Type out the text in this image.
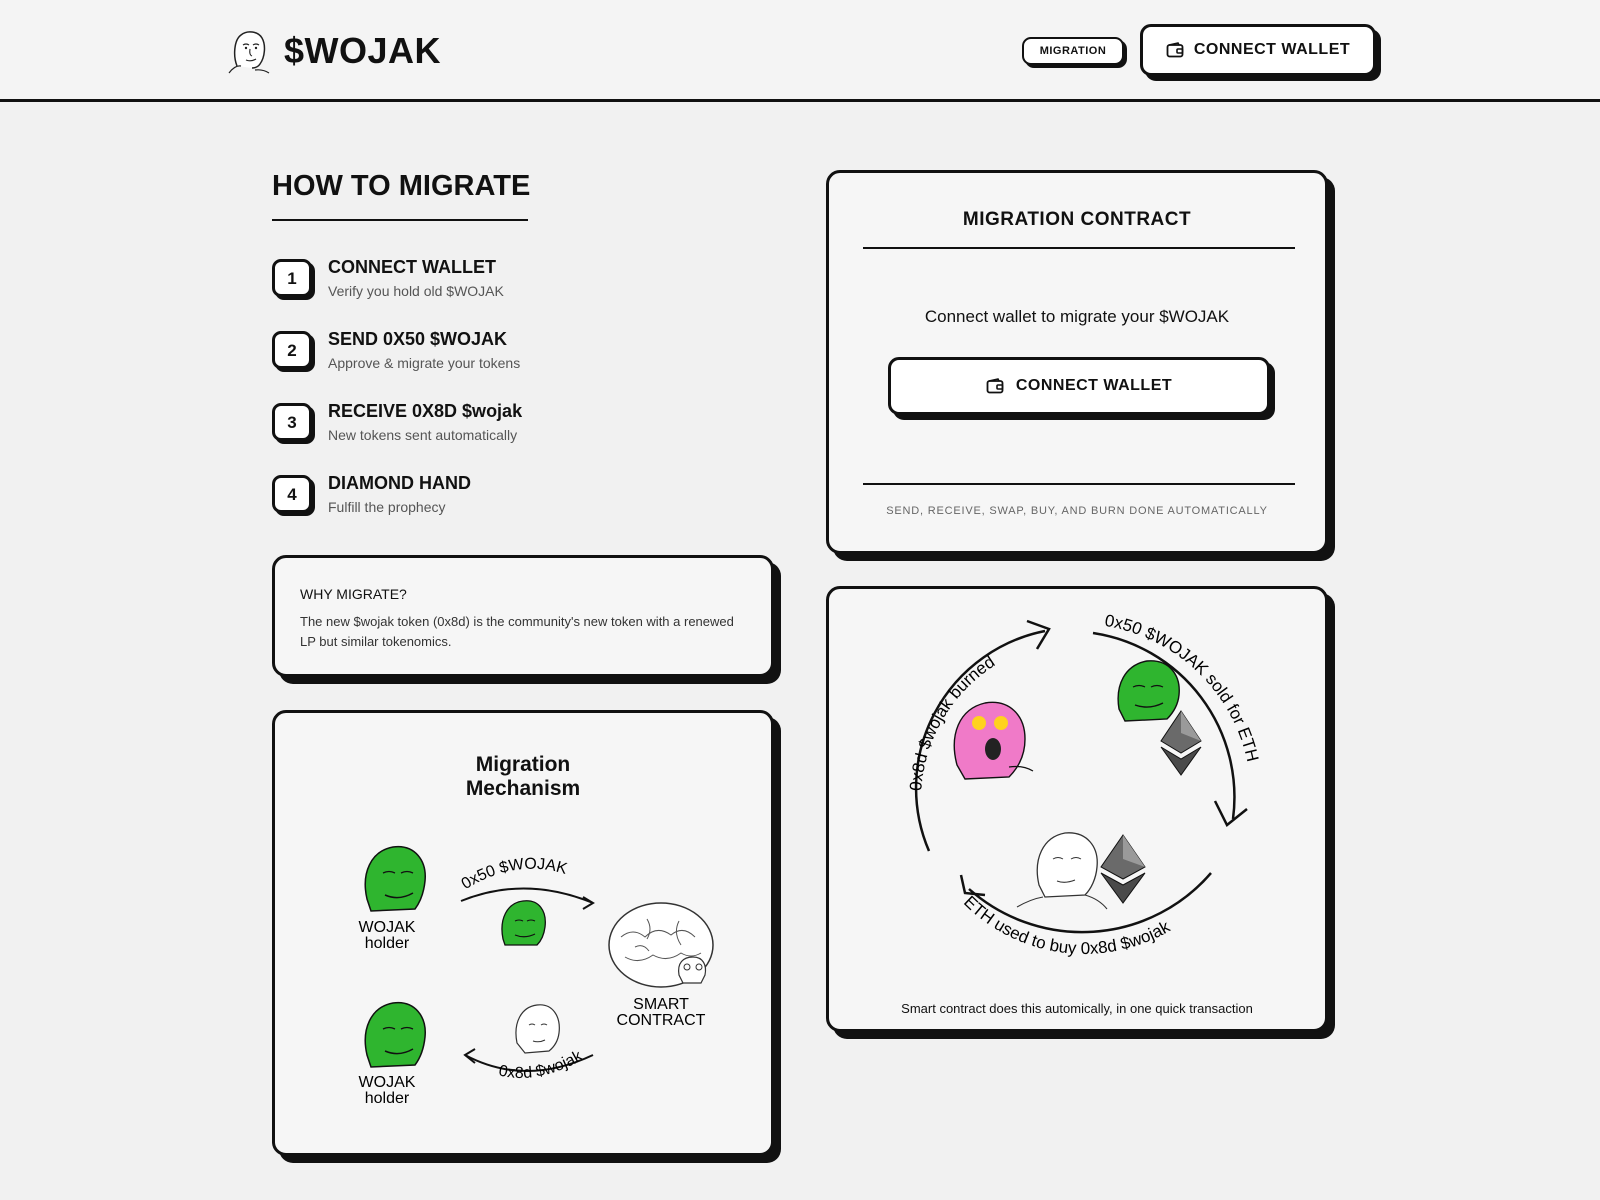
$WOJAK	MIGRATION	CONNECT WALLET
HOW TO MIGRATE
1
CONNECT WALLET
Verify you hold old $WOJAK
2
SEND 0X50 $WOJAK
Approve & migrate your tokens
3
RECEIVE 0X8D $wojak
New tokens sent automatically
4
DIAMOND HAND
Fulfill the prophecy
WHY MIGRATE?
The new $wojak token (0x8d) is the community's new token with a renewed LP but similar tokenomics.
Migration
Mechanism
WOJAK
holder
0x50 $WOJAK
SMART
CONTRACT
0x8d $wojak
WOJAK
holder
MIGRATION CONTRACT
Connect wallet to migrate your $WOJAK
CONNECT WALLET
SEND, RECEIVE, SWAP, BUY, AND BURN DONE AUTOMATICALLY
0x8d $wojak burned
0x50 $WOJAK sold for ETH
ETH used to buy 0x8d $wojak
Smart contract does this automically, in one quick transaction
